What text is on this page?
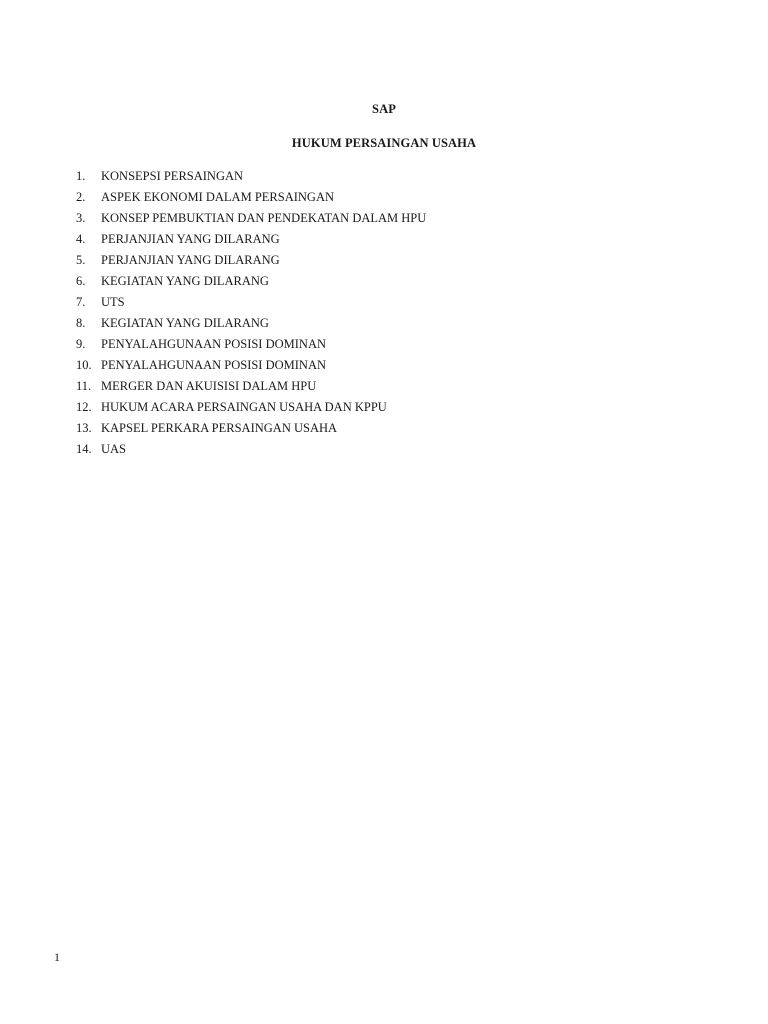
SAP
HUKUM PERSAINGAN USAHA
1.	KONSEPSI PERSAINGAN
2.	ASPEK EKONOMI DALAM PERSAINGAN
3.	KONSEP PEMBUKTIAN DAN PENDEKATAN DALAM HPU
4.	PERJANJIAN YANG DILARANG
5.	PERJANJIAN YANG DILARANG
6.	KEGIATAN YANG DILARANG
7.	UTS
8.	KEGIATAN YANG DILARANG
9.	PENYALAHGUNAAN POSISI DOMINAN
10. PENYALAHGUNAAN POSISI DOMINAN
11. MERGER DAN AKUISISI DALAM HPU
12. HUKUM ACARA PERSAINGAN USAHA DAN KPPU
13. KAPSEL PERKARA PERSAINGAN USAHA
14. UAS
1
